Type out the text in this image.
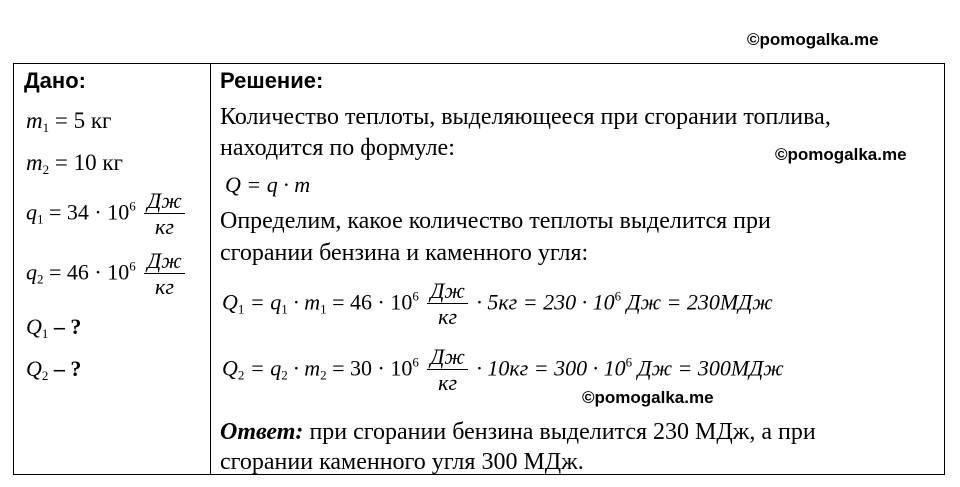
©pomogalka.me
©pomogalka.me
©pomogalka.me
Дано:
$m_1 = 5$ кг
$m_2 = 10$ кг
$q_1 = 34 \cdot 10^6 \frac{Дж}{кг}$
$q_2 = 46 \cdot 10^6 \frac{Дж}{кг}$
$Q_1$ – ?
$Q_2$ – ?
Решение:
Количество теплоты, выделяющееся при сгорании топлива,
находится по формуле:
Q = q · m
Определим, какое количество теплоты выделится при
сгорании бензина и каменного угля:
$Q_1 = q_1 \cdot m_1 = 46 \cdot 10^6 \frac{Дж}{кг} \cdot 5кг = 230 \cdot 10^6$ Дж = 230МДж
$Q_2 = q_2 \cdot m_2 = 30 \cdot 10^6 \frac{Дж}{кг} \cdot 10кг = 300 \cdot 10^6$ Дж = 300МДж
Ответ: при сгорании бензина выделится 230 МДж, а при
сгорании каменного угля 300 МДж.
